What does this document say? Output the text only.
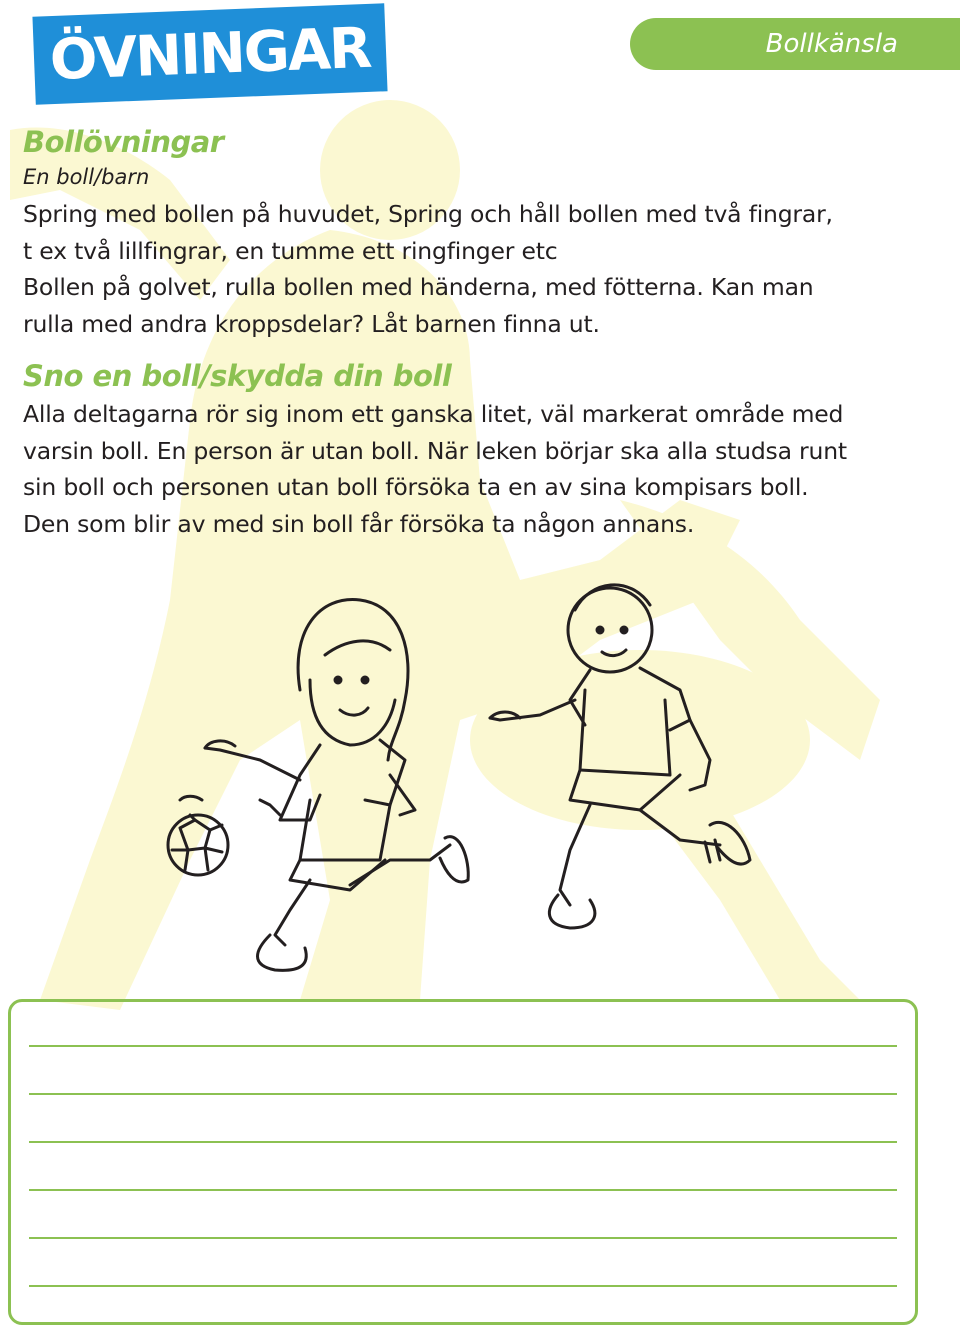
ÖVNINGAR	Bollkänsla
Bollövningar
En boll/barn

Spring med bollen på huvudet, Spring och håll bollen med två fingrar,

t ex två lillfingrar, en tumme ett ringfinger etc

Bollen på golvet, rulla bollen med händerna, med fötterna. Kan man

rulla med andra kroppsdelar? Låt barnen finna ut.

Sno en boll/skydda din boll

Alla deltagarna rör sig inom ett ganska litet, väl markerat område med

varsin boll. En person är utan boll. När leken börjar ska alla studsa runt

sin boll och personen utan boll försöka ta en av sina kompisars boll.

Den som blir av med sin boll får försöka ta någon annans.
